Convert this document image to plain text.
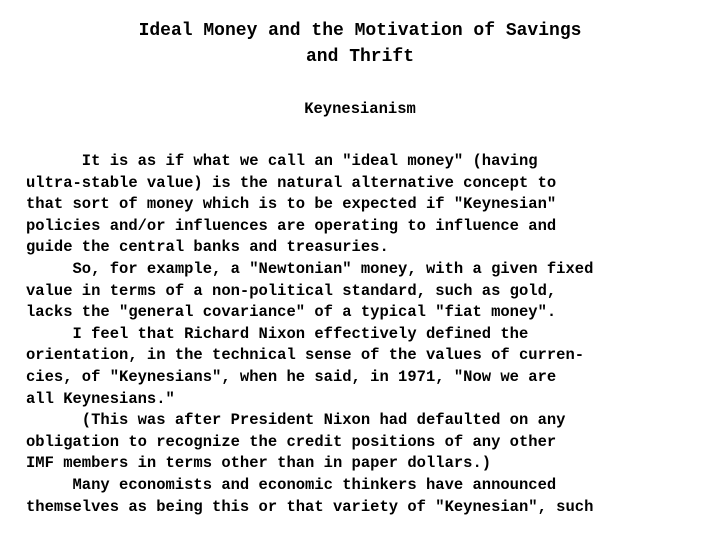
Ideal Money and the Motivation of Savings
and Thrift
Keynesianism
It is as if what we call an "ideal money" (having
ultra-stable value) is the natural alternative concept to
that sort of money which is to be expected if "Keynesian"
policies and/or influences are operating to influence and
guide the central banks and treasuries.
So, for example, a "Newtonian" money, with a given fixed
value in terms of a non-political standard, such as gold,
lacks the "general covariance" of a typical "fiat money".
I feel that Richard Nixon effectively defined the
orientation, in the technical sense of the values of curren-
cies, of "Keynesians", when he said, in 1971, "Now we are
all Keynesians."
(This was after President Nixon had defaulted on any
obligation to recognize the credit positions of any other
IMF members in terms other than in paper dollars.)
Many economists and economic thinkers have announced
themselves as being this or that variety of "Keynesian", such
